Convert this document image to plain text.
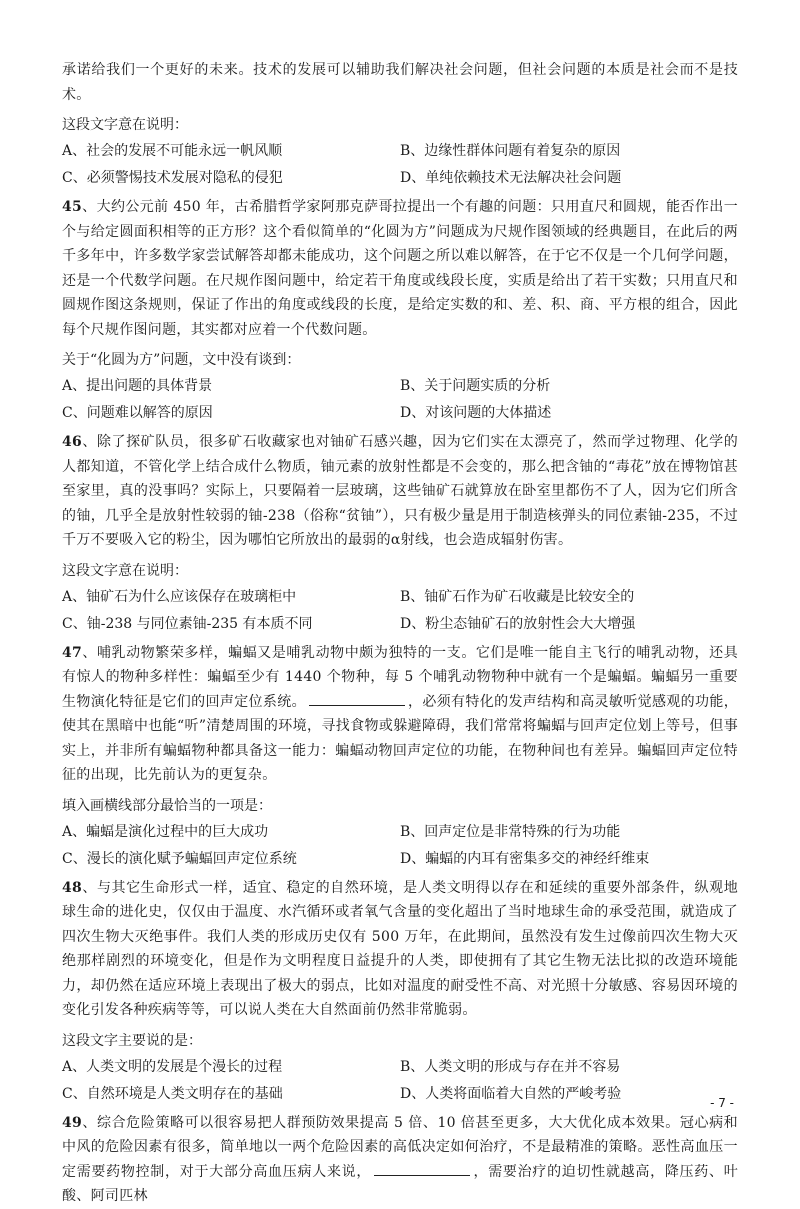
承诺给我们一个更好的未来。技术的发展可以辅助我们解决社会问题，但社会问题的本质是社会而不是技术。
这段文字意在说明：
A、社会的发展不可能永远一帆风顺	B、边缘性群体问题有着复杂的原因
C、必须警惕技术发展对隐私的侵犯	D、单纯依赖技术无法解决社会问题
45、大约公元前 450 年，古希腊哲学家阿那克萨哥拉提出一个有趣的问题：只用直尺和圆规，能否作出一个与给定圆面积相等的正方形？这个看似简单的“化圆为方”问题成为尺规作图领域的经典题目，在此后的两千多年中，许多数学家尝试解答却都未能成功，这个问题之所以难以解答，在于它不仅是一个几何学问题，还是一个代数学问题。在尺规作图问题中，给定若干角度或线段长度，实质是给出了若干实数；只用直尺和圆规作图这条规则，保证了作出的角度或线段的长度，是给定实数的和、差、积、商、平方根的组合，因此每个尺规作图问题，其实都对应着一个代数问题。
关于“化圆为方”问题，文中没有谈到：
A、提出问题的具体背景	B、关于问题实质的分析
C、问题难以解答的原因	D、对该问题的大体描述
46、除了探矿队员，很多矿石收藏家也对铀矿石感兴趣，因为它们实在太漂亮了，然而学过物理、化学的人都知道，不管化学上结合成什么物质，铀元素的放射性都是不会变的，那么把含铀的“毒花”放在博物馆甚至家里，真的没事吗？实际上，只要隔着一层玻璃，这些铀矿石就算放在卧室里都伤不了人，因为它们所含的铀，几乎全是放射性较弱的铀-238（俗称“贫铀”），只有极少量是用于制造核弹头的同位素铀-235，不过千万不要吸入它的粉尘，因为哪怕它所放出的最弱的α射线，也会造成辐射伤害。
这段文字意在说明：
A、铀矿石为什么应该保存在玻璃柜中	B、铀矿石作为矿石收藏是比较安全的
C、铀-238 与同位素铀-235 有本质不同	D、粉尘态铀矿石的放射性会大大增强
47、哺乳动物繁荣多样，蝙蝠又是哺乳动物中颇为独特的一支。它们是唯一能自主飞行的哺乳动物，还具有惊人的物种多样性：蝙蝠至少有 1440 个物种，每 5 个哺乳动物物种中就有一个是蝙蝠。蝙蝠另一重要生物演化特征是它们的回声定位系统。	，必须有特化的发声结构和高灵敏听觉感观的功能，使其在黑暗中也能“听”清楚周围的环境，寻找食物或躲避障碍，我们常常将蝙蝠与回声定位划上等号，但事实上，并非所有蝙蝠物种都具备这一能力：蝙蝠动物回声定位的功能，在物种间也有差异。蝙蝠回声定位特征的出现，比先前认为的更复杂。
填入画横线部分最恰当的一项是：
A、蝙蝠是演化过程中的巨大成功	B、回声定位是非常特殊的行为功能
C、漫长的演化赋予蝙蝠回声定位系统	D、蝙蝠的内耳有密集多交的神经纤维束
48、与其它生命形式一样，适宜、稳定的自然环境，是人类文明得以存在和延续的重要外部条件，纵观地球生命的进化史，仅仅由于温度、水汽循环或者氧气含量的变化超出了当时地球生命的承受范围，就造成了四次生物大灭绝事件。我们人类的形成历史仅有 500 万年，在此期间，虽然没有发生过像前四次生物大灭绝那样剧烈的环境变化，但是作为文明程度日益提升的人类，即使拥有了其它生物无法比拟的改造环境能力，却仍然在适应环境上表现出了极大的弱点，比如对温度的耐受性不高、对光照十分敏感、容易因环境的变化引发各种疾病等等，可以说人类在大自然面前仍然非常脆弱。
这段文字主要说的是：
A、人类文明的发展是个漫长的过程	B、人类文明的形成与存在并不容易
C、自然环境是人类文明存在的基础	D、人类将面临着大自然的严峻考验
49、综合危险策略可以很容易把人群预防效果提高 5 倍、10 倍甚至更多，大大优化成本效果。冠心病和中风的危险因素有很多，简单地以一两个危险因素的高低决定如何治疗，不是最精准的策略。恶性高血压一定需要药物控制，对于大部分高血压病人来说，	，需要治疗的迫切性就越高，降压药、叶酸、阿司匹林
- 7 -
